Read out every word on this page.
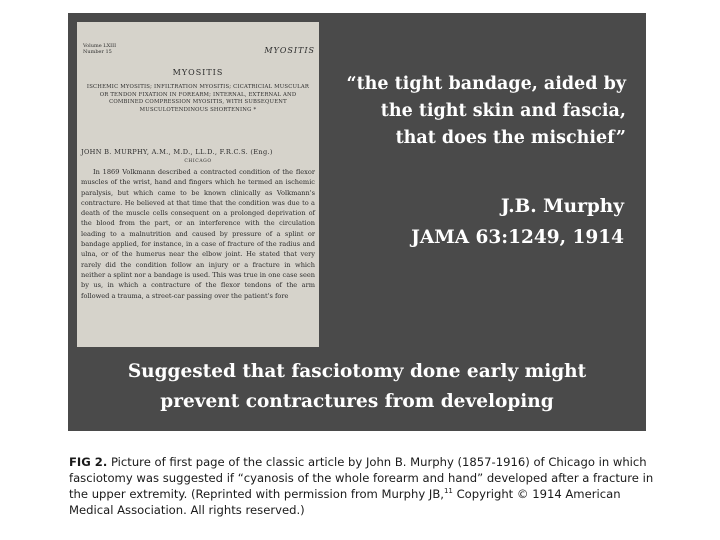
Volume LXIII
Number 15	MYOSITIS
MYOSITIS
ISCHEMIC MYOSITIS; INFILTRATION MYOSITIS; CICATRICIAL MUSCULAR OR TENDON FIXATION IN FOREARM; INTERNAL, EXTERNAL AND COMBINED COMPRESSION MYOSITIS, WITH SUBSEQUENT MUSCULOTENDINOUS SHORTENING *
JOHN B. MURPHY, A.M., M.D., LL.D., F.R.C.S. (Eng.)
CHICAGO

In 1869 Volkmann described a contracted condition of the flexor muscles of the wrist, hand and fingers which he termed an ischemic paralysis, but which came to be known clinically as Volkmann's contracture. He believed at that time that the condition was due to a death of the muscle cells consequent on a prolonged deprivation of the blood from the part, or an interference with the circulation leading to a malnutrition and caused by pressure of a splint or bandage applied, for instance, in a case of fracture of the radius and ulna, or of the humerus near the elbow joint. He stated that very rarely did the condition follow an injury or a fracture in which neither a splint nor a bandage is used. This was true in one case seen by us, in which a contracture of the flexor tendons of the arm followed a trauma, a street-car passing over the patient's fore

“the tight bandage, aided by
the tight skin and fascia,
that does the mischief”
J.B. Murphy
JAMA 63:1249, 1914
Suggested that fasciotomy done early might
prevent contractures from developing
FIG 2. Picture of first page of the classic article by John B. Murphy (1857-1916) of Chicago in which fasciotomy was suggested if “cyanosis of the whole forearm and hand” developed after a fracture in the upper extremity. (Reprinted with permission from Murphy JB,$^{11}$ Copyright © 1914 American Medical Association. All rights reserved.)
